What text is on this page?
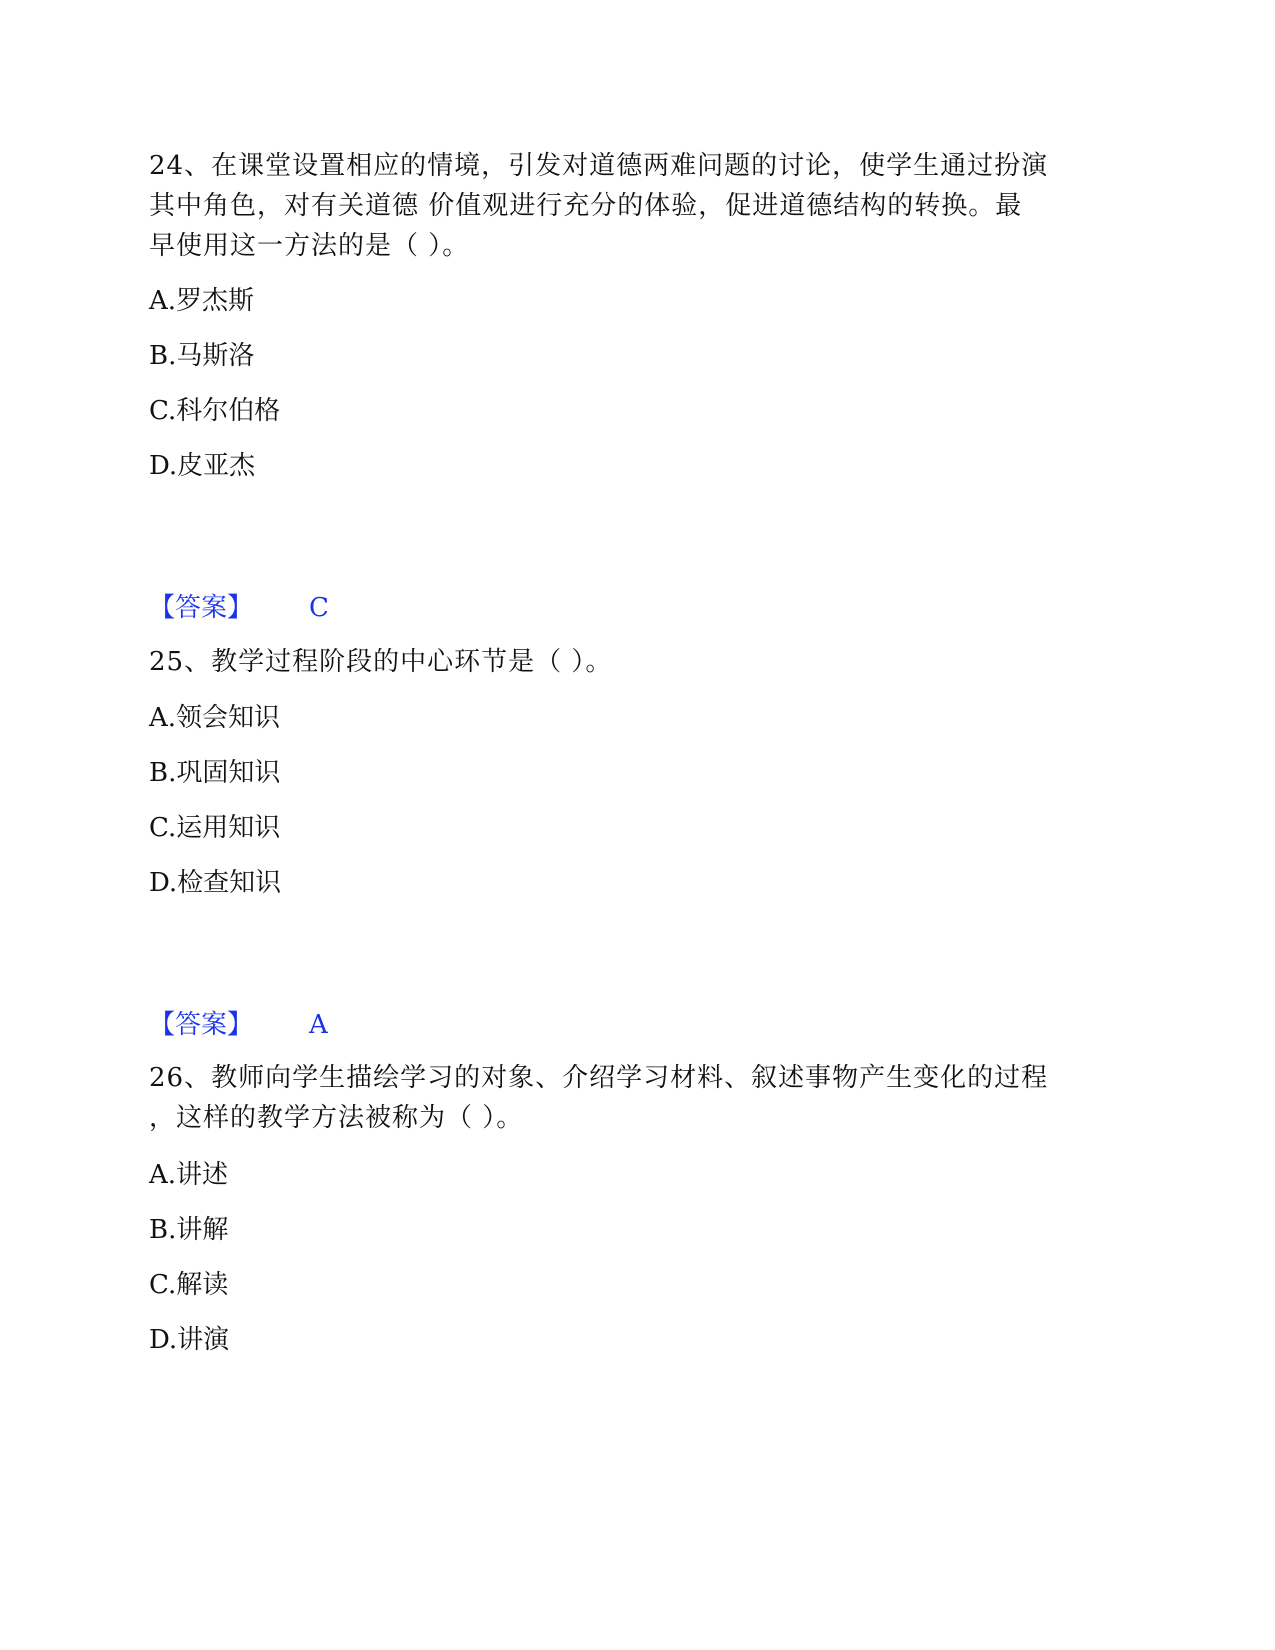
24、在课堂设置相应的情境，引发对道德两难问题的讨论，使学生通过扮演

其中角色，对有关道德 价值观进行充分的体验，促进道德结构的转换。最

早使用这一方法的是（ ）。

A.罗杰斯

B.马斯洛

C.科尔伯格

D.皮亚杰

【答案】 C

25、教学过程阶段的中心环节是（ ）。

A.领会知识

B.巩固知识

C.运用知识

D.检查知识

【答案】 A

26、教师向学生描绘学习的对象、介绍学习材料、叙述事物产生变化的过程

，这样的教学方法被称为（ ）。

A.讲述

B.讲解

C.解读

D.讲演
